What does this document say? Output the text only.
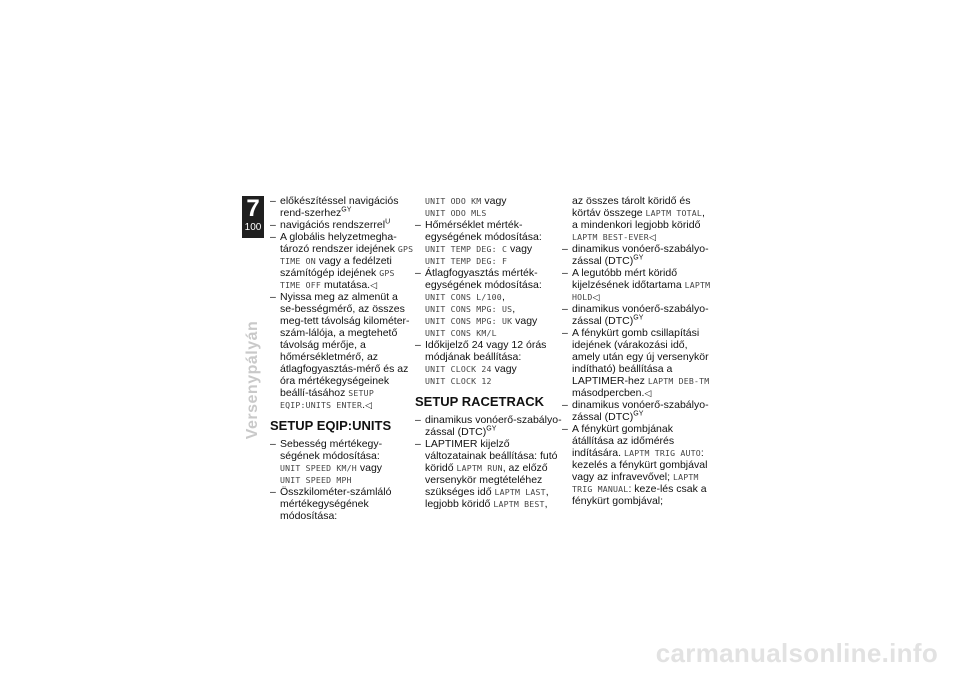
7
100
Versenypályán
– előkészítéssel navigációs rend-szerhez$^{GY}$
– navigációs rendszerrel$^U$
– A globális helyzetmegha-tározó rendszer idejének GPS TIME ON vagy a fedélzeti számítógép idejének GPS TIME OFF mutatása.◁
– Nyissa meg az almenüt a se-bességmérő, az összes meg-tett távolság kilométer-szám-lálója, a megtehető távolság mérője, a hőmérsékletmérő, az átlagfogyasztás-mérő és az óra mértékegységeinek beállí-tásához SETUP EQIP:UNITS ENTER.◁
SETUP EQIP:UNITS
– Sebesség mértékegy-ségének módosítása:
UNIT SPEED KM/H vagy
UNIT SPEED MPH
– Összkilométer-számláló mértékegységének módosítása:
UNIT ODO KM vagy
UNIT ODO MLS
– Hőmérséklet mérték-egységének módosítása:
UNIT TEMP DEG: C vagy
UNIT TEMP DEG: F
– Átlagfogyasztás mérték-egységének módosítása:
UNIT CONS L/100,
UNIT CONS MPG: US,
UNIT CONS MPG: UK vagy
UNIT CONS KM/L
– Időkijelző 24 vagy 12 órás módjának beállítása:
UNIT CLOCK 24 vagy
UNIT CLOCK 12
SETUP RACETRACK
– dinamikus vonóerő-szabályo-zással (DTC)$^{GY}$
– LAPTIMER kijelző változatainak beállítása: futó köridő LAPTM RUN, az előző versenykör megtételéhez szükséges idő LAPTM LAST, legjobb köridő LAPTM BEST,
az összes tárolt köridő és körtáv összege LAPTM TOTAL, a mindenkori legjobb köridő LAPTM BEST-EVER◁
– dinamikus vonóerő-szabályo-zással (DTC)$^{GY}$
– A legutóbb mért köridő kijelzésének időtartama LAPTM HOLD◁
– dinamikus vonóerő-szabályo-zással (DTC)$^{GY}$
– A fénykürt gomb csillapítási idejének (várakozási idő, amely után egy új versenykör indítható) beállítása a LAPTIMER-hez LAPTM DEB-TM másodpercben.◁
– dinamikus vonóerő-szabályo-zással (DTC)$^{GY}$
– A fénykürt gombjának átállítása az időmérés indítására. LAPTM TRIG AUTO: kezelés a fénykürt gombjával vagy az infravevővel; LAPTM TRIG MANUAL: keze-lés csak a fénykürt gombjával;
carmanualsonline.info
